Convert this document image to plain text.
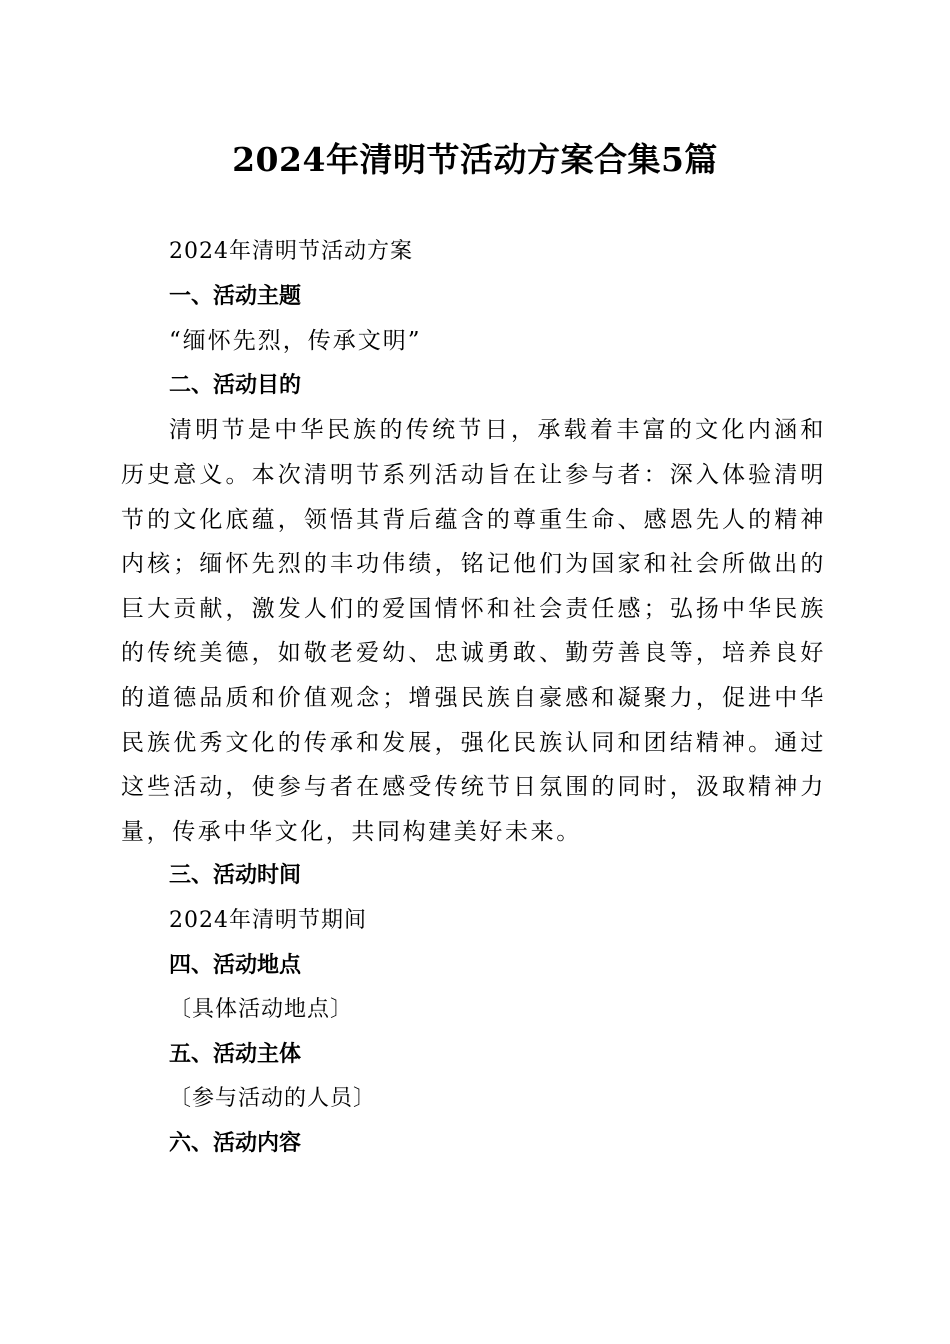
2024年清明节活动方案合集5篇

2024年清明节活动方案

一、活动主题

“缅怀先烈，传承文明”

二、活动目的

清明节是中华民族的传统节日，承载着丰富的文化内涵和历史意义。本次清明节系列活动旨在让参与者：深入体验清明节的文化底蕴，领悟其背后蕴含的尊重生命、感恩先人的精神内核；缅怀先烈的丰功伟绩，铭记他们为国家和社会所做出的巨大贡献，激发人们的爱国情怀和社会责任感；弘扬中华民族的传统美德，如敬老爱幼、忠诚勇敢、勤劳善良等，培养良好的道德品质和价值观念；增强民族自豪感和凝聚力，促进中华民族优秀文化的传承和发展，强化民族认同和团结精神。通过这些活动，使参与者在感受传统节日氛围的同时，汲取精神力量，传承中华文化，共同构建美好未来。

三、活动时间

2024年清明节期间

四、活动地点

〔具体活动地点〕

五、活动主体

〔参与活动的人员〕

六、活动内容
